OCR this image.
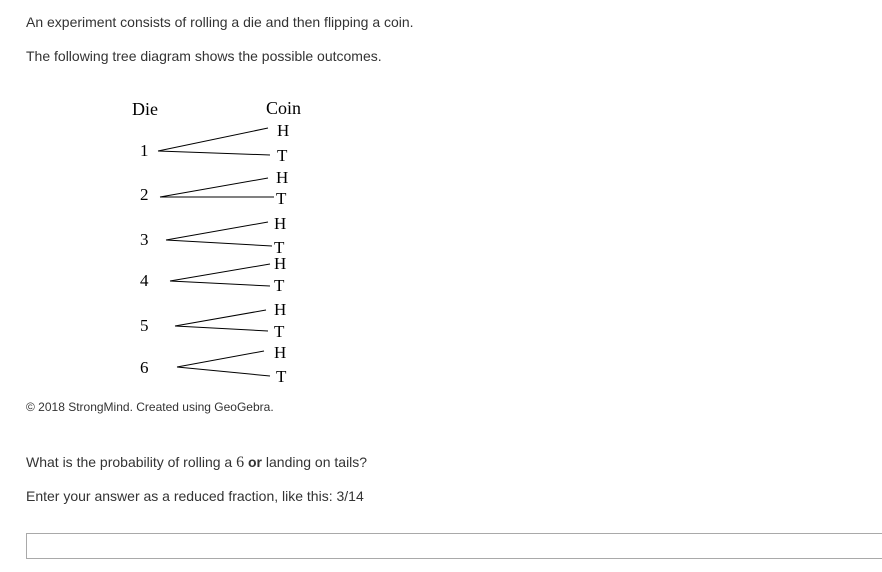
An experiment consists of rolling a die and then flipping a coin.

The following tree diagram shows the possible outcomes.

Die	Coin
1
H
T
2
H
T
3
H
T
4
H
T
5
H
T
6
H
T

© 2018 StrongMind. Created using GeoGebra.

What is the probability of rolling a 6 or landing on tails?

Enter your answer as a reduced fraction, like this: 3/14
